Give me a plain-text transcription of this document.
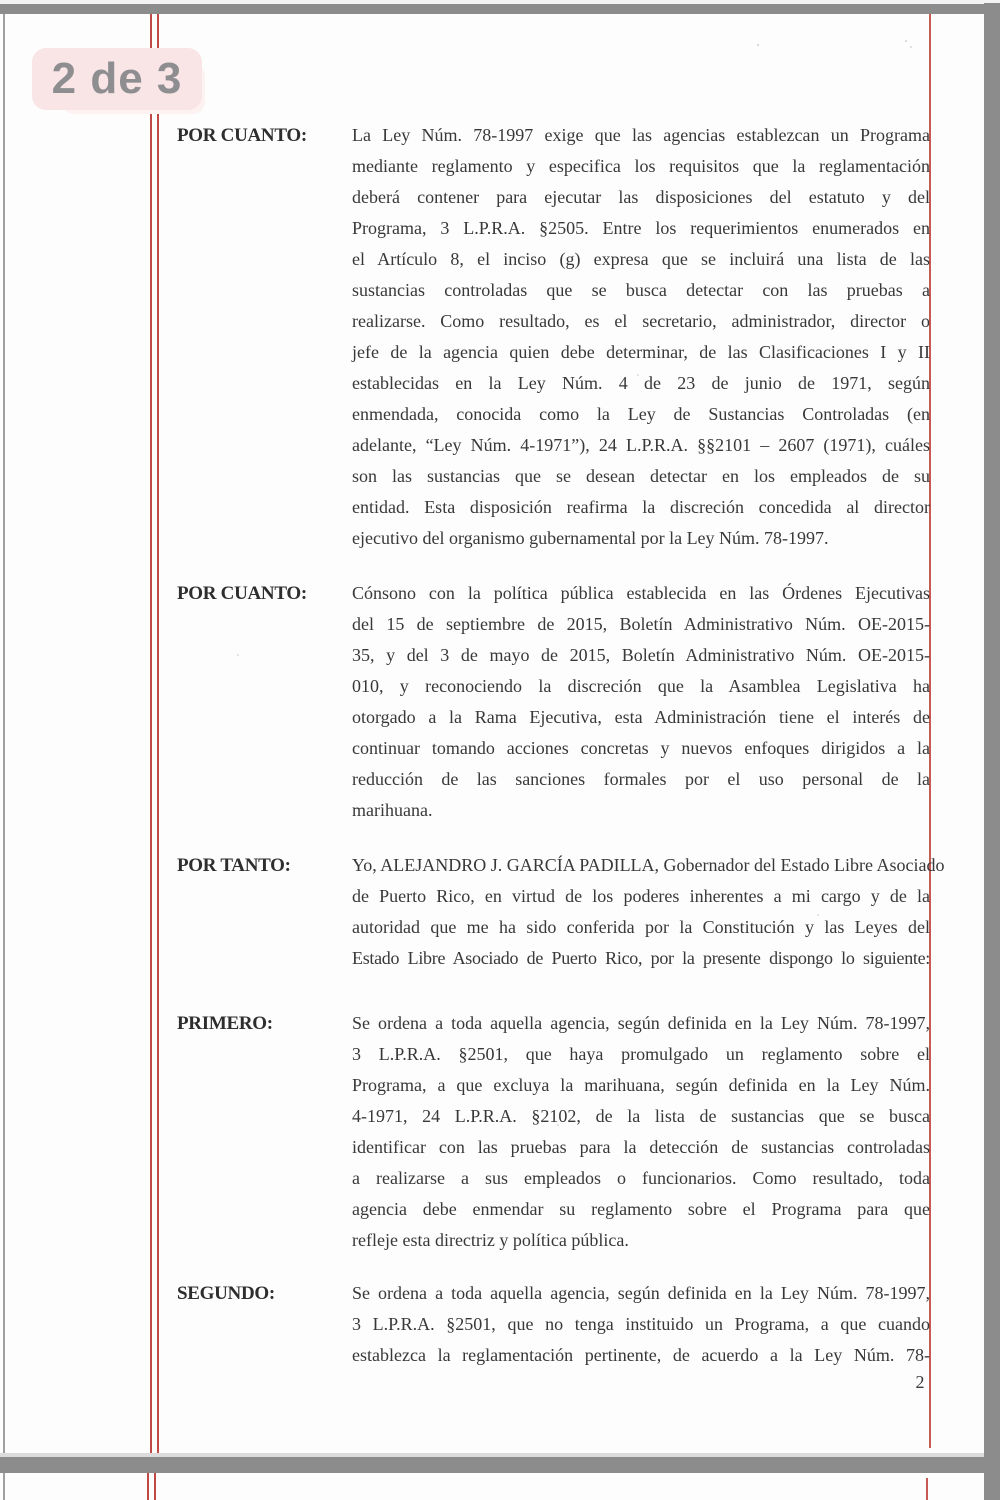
2 de 3
POR CUANTO:	La Ley Núm. 78-1997 exige que las agencias establezcan un Programa
mediante reglamento y especifica los requisitos que la reglamentación
deberá contener para ejecutar las disposiciones del estatuto y del
Programa, 3 L.P.R.A. §2505. Entre los requerimientos enumerados en
el Artículo 8, el inciso (g) expresa que se incluirá una lista de las
sustancias controladas que se busca detectar con las pruebas a
realizarse. Como resultado, es el secretario, administrador, director o
jefe de la agencia quien debe determinar, de las Clasificaciones I y II
establecidas en la Ley Núm. 4 de 23 de junio de 1971, según
enmendada, conocida como la Ley de Sustancias Controladas (en
adelante, “Ley Núm. 4-1971”), 24 L.P.R.A. §§2101 – 2607 (1971), cuáles
son las sustancias que se desean detectar en los empleados de su
entidad. Esta disposición reafirma la discreción concedida al director
ejecutivo del organismo gubernamental por la Ley Núm. 78-1997.
POR CUANTO:	Cónsono con la política pública establecida en las Órdenes Ejecutivas
del 15 de septiembre de 2015, Boletín Administrativo Núm. OE-2015-
35, y del 3 de mayo de 2015, Boletín Administrativo Núm. OE-2015-
010, y reconociendo la discreción que la Asamblea Legislativa ha
otorgado a la Rama Ejecutiva, esta Administración tiene el interés de
continuar tomando acciones concretas y nuevos enfoques dirigidos a la
reducción de las sanciones formales por el uso personal de la
marihuana.
POR TANTO:	Yo, ALEJANDRO J. GARCÍA PADILLA, Gobernador del Estado Libre Asociado
de Puerto Rico, en virtud de los poderes inherentes a mi cargo y de la
autoridad que me ha sido conferida por la Constitución y las Leyes del
Estado Libre Asociado de Puerto Rico, por la presente dispongo lo siguiente:
PRIMERO:	Se ordena a toda aquella agencia, según definida en la Ley Núm. 78-1997,
3 L.P.R.A. §2501, que haya promulgado un reglamento sobre el
Programa, a que excluya la marihuana, según definida en la Ley Núm.
4-1971, 24 L.P.R.A. §2102, de la lista de sustancias que se busca
identificar con las pruebas para la detección de sustancias controladas
a realizarse a sus empleados o funcionarios. Como resultado, toda
agencia debe enmendar su reglamento sobre el Programa para que
refleje esta directriz y política pública.
SEGUNDO:	Se ordena a toda aquella agencia, según definida en la Ley Núm. 78-1997,
3 L.P.R.A. §2501, que no tenga instituido un Programa, a que cuando
establezca la reglamentación pertinente, de acuerdo a la Ley Núm. 78-
2
